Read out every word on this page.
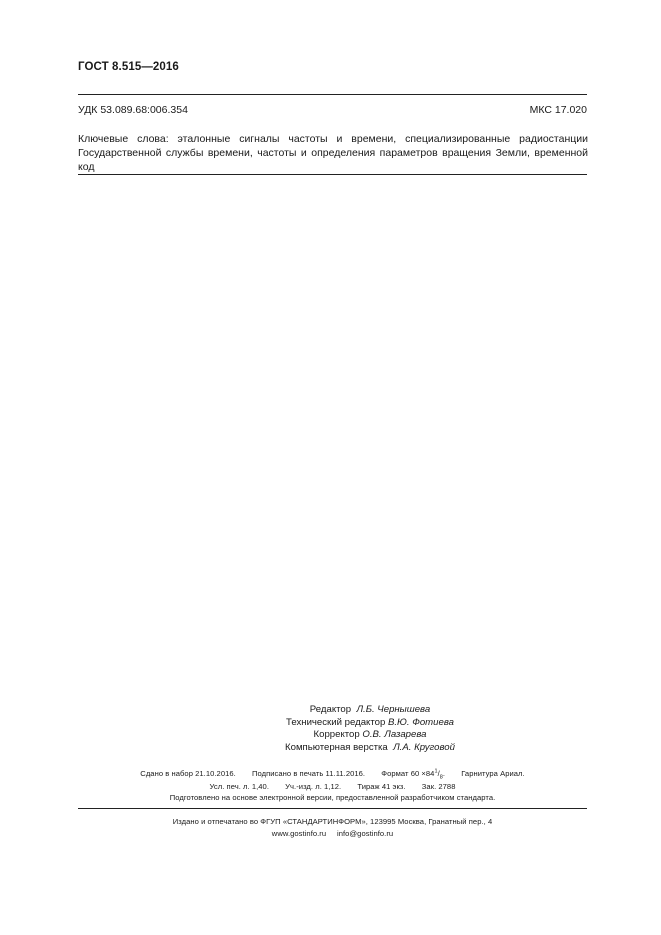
ГОСТ 8.515—2016
УДК 53.089.68:006.354	МКС 17.020
Ключевые слова: эталонные сигналы частоты и времени, специализированные радиостанции Государственной службы времени, частоты и определения параметров вращения Земли, временной код
Редактор Л.Б. Чернышева
Технический редактор В.Ю. Фотиева
Корректор О.В. Лазарева
Компьютерная верстка Л.А. Круговой
Сдано в набор 21.10.2016. Подписано в печать 11.11.2016. Формат $60 \times 84^1/_8$. Гарнитура Ариал.
Усл. печ. л. 1,40. Уч.-изд. л. 1,12. Тираж 41 экз. Зак. 2788
Подготовлено на основе электронной версии, предоставленной разработчиком стандарта.
Издано и отпечатано во ФГУП «СТАНДАРТИНФОРМ», 123995 Москва, Гранатный пер., 4
www.gostinfo.ru info@gostinfo.ru
